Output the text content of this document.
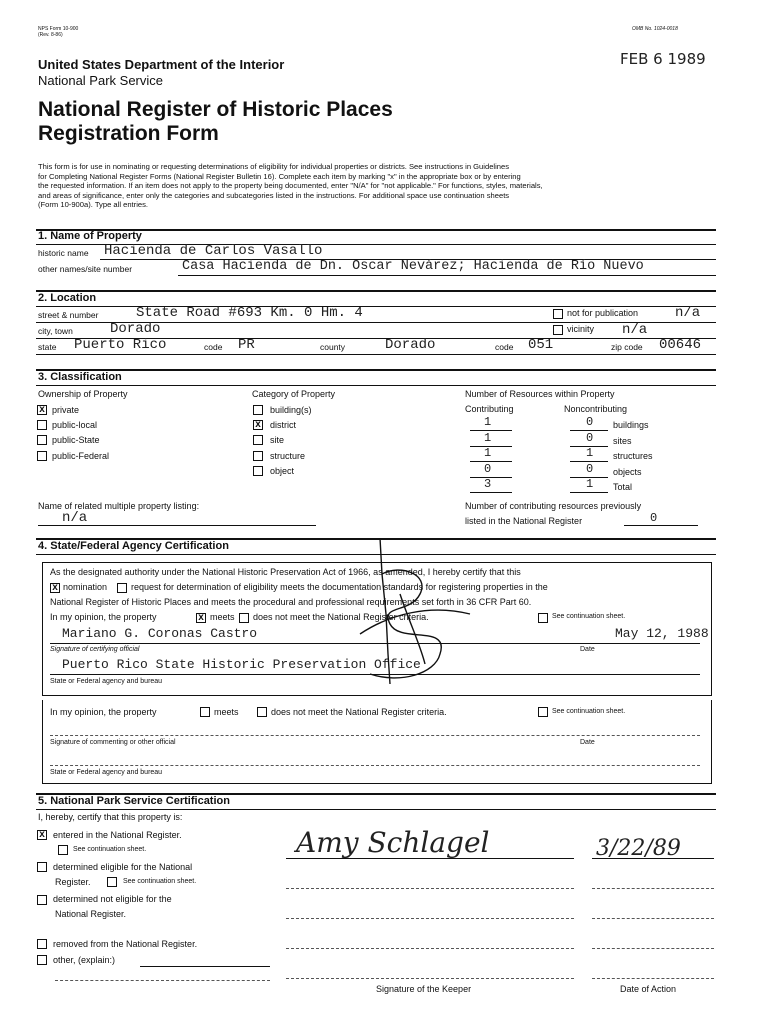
NPS Form 10-900
(Rev. 8-86)
OMB No. 1024-0018
FEB 6 1989
United States Department of the Interior
National Park Service
National Register of Historic Places
Registration Form
This form is for use in nominating or requesting determinations of eligibility for individual properties or districts. See instructions in Guidelines
for Completing National Register Forms (National Register Bulletin 16). Complete each item by marking "x" in the appropriate box or by entering
the requested information. If an item does not apply to the property being documented, enter "N/A" for "not applicable." For functions, styles, materials,
and areas of significance, enter only the categories and subcategories listed in the instructions. For additional space use continuation sheets
(Form 10-900a). Type all entries.
1. Name of Property
historic name Hacienda de Carlos Vasallo
other names/site number	Casa Hacienda de Dn. Oscar Nevárez; Hacienda de Río Nuevo
2. Location
street & number	State Road #693 Km. 0 Hm. 4	not for publication	n/a
city, town	Dorado	vicinity n/a
state Puerto Rico	code PR	county	Dorado	code 051	zip code 00646
3. Classification
Ownership of Property
x private
public-local
public-State
public-Federal
Category of Property
building(s)
x district
site
structure
object
Number of Resources within Property
Contributing	Noncontributing
1	0 buildings
1	0 sites
1	1 structures
0	0 objects
3	1 Total
Name of related multiple property listing:
n/a
Number of contributing resources previously
listed in the National Register	0
4. State/Federal Agency Certification
As the designated authority under the National Historic Preservation Act of 1966, as amended, I hereby certify that this
x nomination	request for determination of eligibility meets the documentation standards for registering properties in the
National Register of Historic Places and meets the procedural and professional requirements set forth in 36 CFR Part 60.
In my opinion, the property	x meets does not meet the National Register criteria.	See continuation sheet.
Mariano G. Coronas Castro	May 12, 1988
Signature of certifying official	Date
Puerto Rico State Historic Preservation Office
State or Federal agency and bureau
In my opinion, the property	meets	does not meet the National Register criteria.	See continuation sheet.
Signature of commenting or other official	Date
State or Federal agency and bureau
5. National Park Service Certification
I, hereby, certify that this property is:
x entered in the National Register.
See continuation sheet.
determined eligible for the National
Register.	See continuation sheet.
determined not eligible for the
National Register.
removed from the National Register.
other, (explain:)
Amy Schlagel	3/22/89
Signature of the Keeper	Date of Action
